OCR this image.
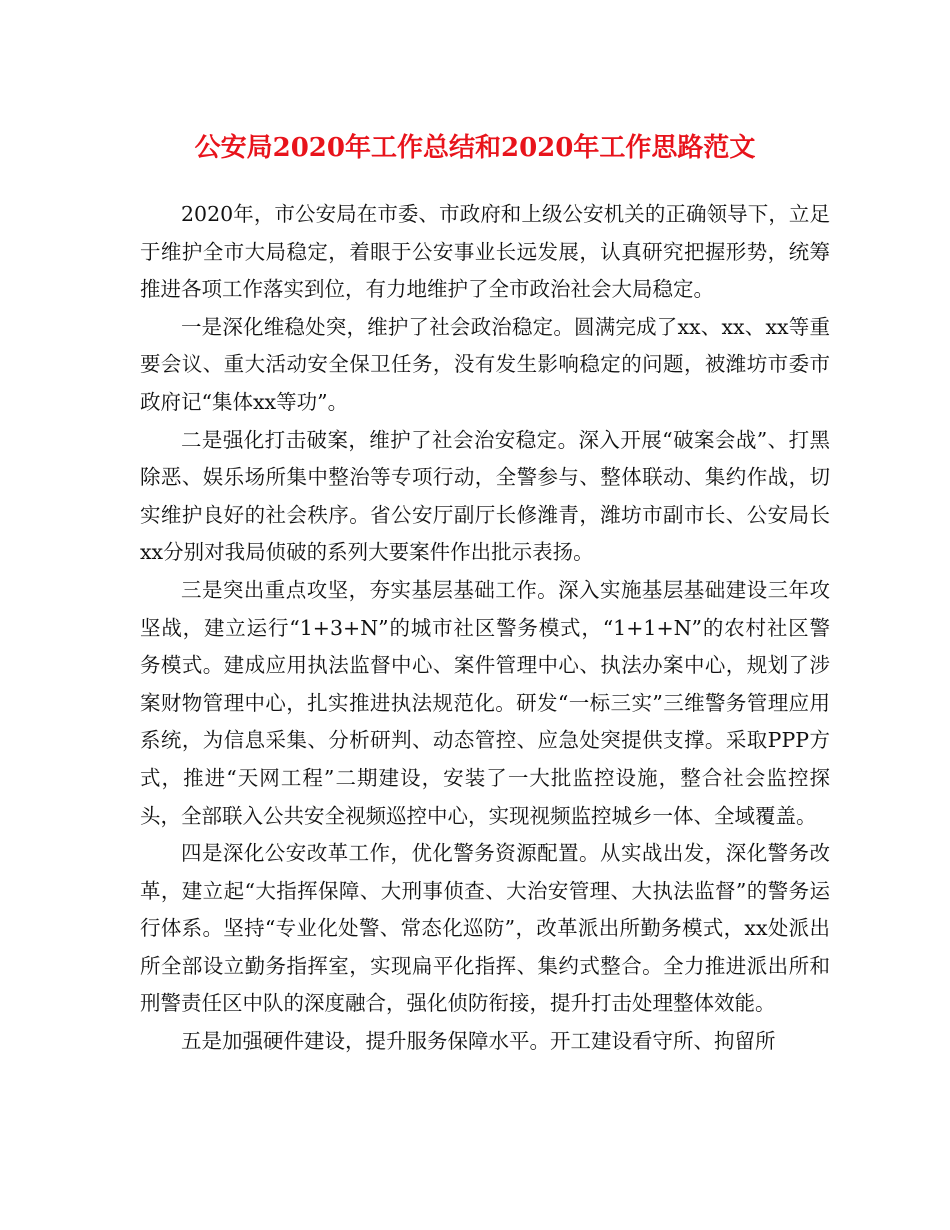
公安局2020年工作总结和2020年工作思路范文

2020年，市公安局在市委、市政府和上级公安机关的正确领导下，立足于维护全市大局稳定，着眼于公安事业长远发展，认真研究把握形势，统筹推进各项工作落实到位，有力地维护了全市政治社会大局稳定。

一是深化维稳处突，维护了社会政治稳定。圆满完成了xx、xx、xx等重要会议、重大活动安全保卫任务，没有发生影响稳定的问题，被潍坊市委市政府记“集体xx等功”。

二是强化打击破案，维护了社会治安稳定。深入开展“破案会战”、打黑除恶、娱乐场所集中整治等专项行动，全警参与、整体联动、集约作战，切实维护良好的社会秩序。省公安厅副厅长修潍青，潍坊市副市长、公安局长xx分别对我局侦破的系列大要案件作出批示表扬。

三是突出重点攻坚，夯实基层基础工作。深入实施基层基础建设三年攻坚战，建立运行“1+3+N”的城市社区警务模式，“1+1+N”的农村社区警务模式。建成应用执法监督中心、案件管理中心、执法办案中心，规划了涉案财物管理中心，扎实推进执法规范化。研发“一标三实”三维警务管理应用系统，为信息采集、分析研判、动态管控、应急处突提供支撑。采取PPP方式，推进“天网工程”二期建设，安装了一大批监控设施，整合社会监控探头，全部联入公共安全视频巡控中心，实现视频监控城乡一体、全域覆盖。

四是深化公安改革工作，优化警务资源配置。从实战出发，深化警务改革，建立起“大指挥保障、大刑事侦查、大治安管理、大执法监督”的警务运行体系。坚持“专业化处警、常态化巡防”，改革派出所勤务模式，xx处派出所全部设立勤务指挥室，实现扁平化指挥、集约式整合。全力推进派出所和刑警责任区中队的深度融合，强化侦防衔接，提升打击处理整体效能。

五是加强硬件建设，提升服务保障水平。开工建设看守所、拘留所
